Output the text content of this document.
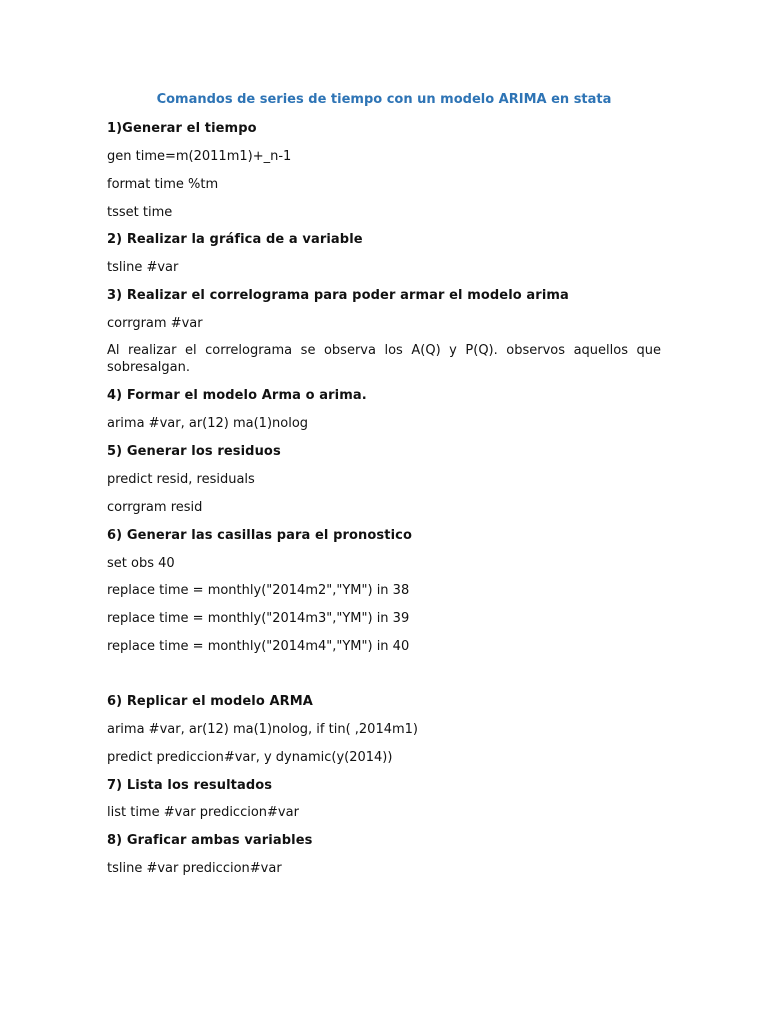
Comandos de series de tiempo con un modelo ARIMA en stata
1)Generar el tiempo
gen time=m(2011m1)+_n-1
format time %tm
tsset time
2) Realizar la gráfica de a variable
tsline #var
3) Realizar el correlograma para poder armar el modelo arima
corrgram #var
Al realizar el correlograma se observa los A(Q) y P(Q). observos aquellos que sobresalgan.
4) Formar el modelo Arma o arima.
arima #var, ar(12) ma(1)nolog
5) Generar los residuos
predict resid, residuals
corrgram resid
6) Generar las casillas para el pronostico
set obs 40
replace time = monthly("2014m2","YM") in 38
replace time = monthly("2014m3","YM") in 39
replace time = monthly("2014m4","YM") in 40
6) Replicar el modelo ARMA
arima #var, ar(12) ma(1)nolog, if tin( ,2014m1)
predict prediccion#var, y dynamic(y(2014))
7) Lista los resultados
list time #var prediccion#var
8) Graficar ambas variables
tsline #var prediccion#var
